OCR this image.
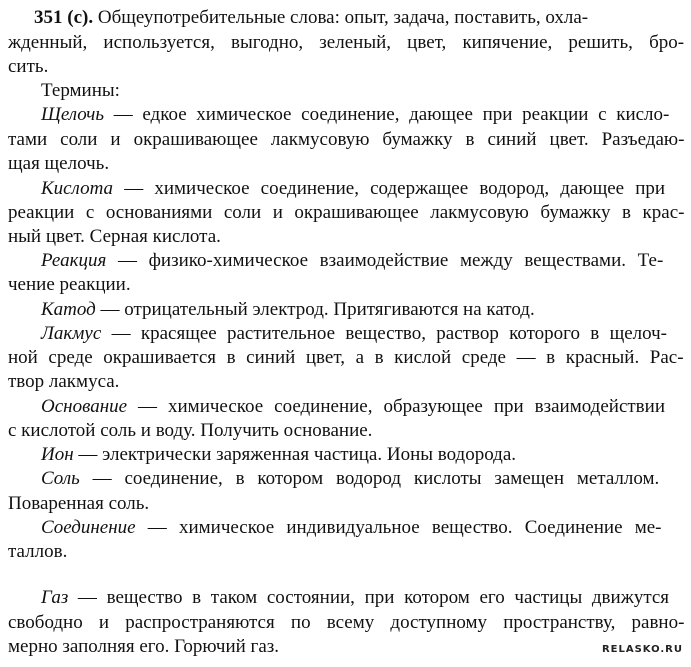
351 (с). Общеупотребительные слова: опыт, задача, поставить, охла-
жденный, используется, выгодно, зеленый, цвет, кипячение, решить, бро-
сить.
Термины:
Щелочь — едкое химическое соединение, дающее при реакции с кисло-
тами соли и окрашивающее лакмусовую бумажку в синий цвет. Разъедаю-
щая щелочь.
Кислота — химическое соединение, содержащее водород, дающее при
реакции с основаниями соли и окрашивающее лакмусовую бумажку в крас-
ный цвет. Серная кислота.
Реакция — физико-химическое взаимодействие между веществами. Те-
чение реакции.
Катод — отрицательный электрод. Притягиваются на катод.
Лакмус — красящее растительное вещество, раствор которого в щелоч-
ной среде окрашивается в синий цвет, а в кислой среде — в красный. Рас-
твор лакмуса.
Основание — химическое соединение, образующее при взаимодействии
с кислотой соль и воду. Получить основание.
Ион — электрически заряженная частица. Ионы водорода.
Соль — соединение, в котором водород кислоты замещен металлом.
Поваренная соль.
Соединение — химическое индивидуальное вещество. Соединение ме-
таллов.
Газ — вещество в таком состоянии, при котором его частицы движутся
свободно и распространяются по всему доступному пространству, равно-
мерно заполняя его. Горючий газ.	RELASKO.RU
